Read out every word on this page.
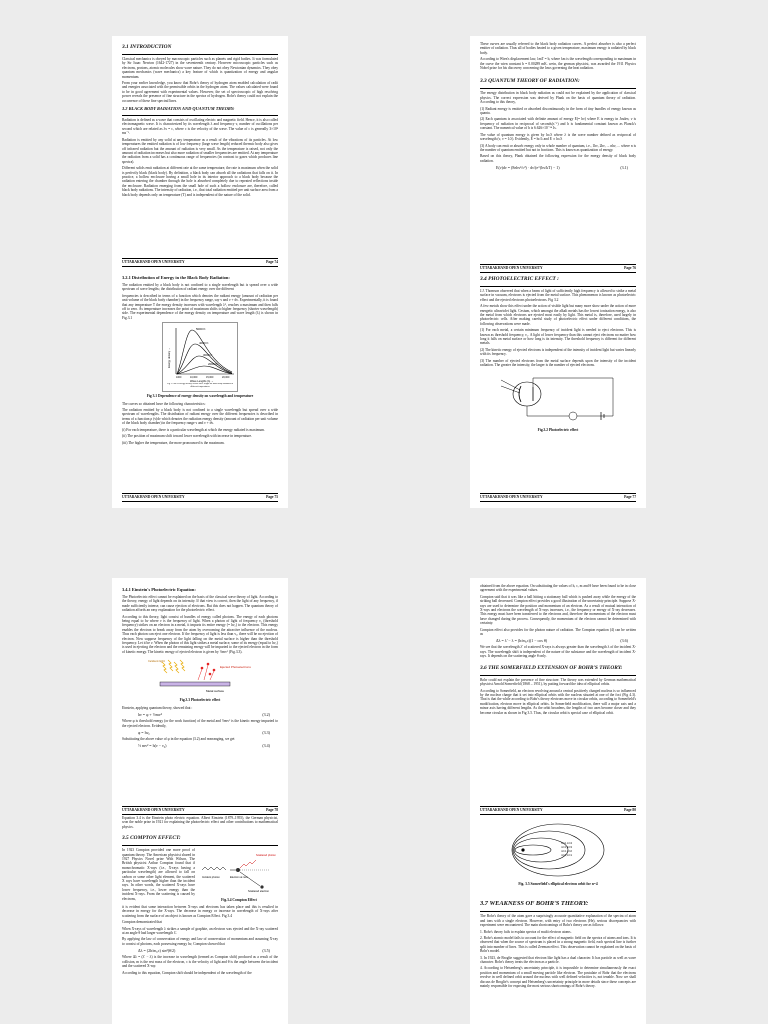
3.1 INTRODUCTION

Classical mechanics is obeyed by macroscopic particles such as planets and rigid bodies. It was formulated by Sir Isaac Newton (1642-1727) in the seventeenth century. However microscopic particles such as electrons, protons, atomic molecules show wave nature. They do not obey Newtonian dynamics. They obey quantum mechanics (wave mechanics) a key feature of which is quantization of energy and angular momentum.

From your earlier knowledge, you know that Bohr's theory of hydrogen atom enabled calculation of radii and energies associated with the permissible orbits in the hydrogen atom. The values calculated were found to be in good agreement with experimental values. However, the set of spectroscopic of high resolving power reveals the presence of fine structure in the spectra of hydrogen. Bohr's theory could not explain the occurrence of these fine spectral lines.

3.2 BLACK BODY RADIATION AND QUANTUM THEORY:

Radiation is defined as a wave that consists of oscillating electric and magnetic field. Hence, it is also called electromagnetic wave. It is characterized by its wavelength λ and frequency ν, number of oscillations per second which are related as λν = c, where c is the velocity of the wave. The value of c is generally 3×10⁸ ms⁻¹.

Radiation is emitted by any solid at any temperature as a result of the vibrations of its particles. At low temperatures the emitted radiation is of low frequency (large wave length) reduced thermic body also gives off infrared radiation but the amount of radiation is very small. As the temperature is raised, not only the amount of radiation increases but also more radiation of smaller frequencies are emitted. At any temperature the radiation from a solid has a continuous range of frequencies (in contrast to gases which produces line spectra).

Different solids emit radiation at different rate at the same temperature, the rate is maximum when the solid is perfectly black (black body). By definition, a black body can absorb all the radiations that falls on it. In practice, a hollow enclosure having a small hole in its interior approach to a black body because the radiation entering the chamber through the hole is absorbed completely due to repeated reflections inside the enclosure. Radiation emerging from the small hole of such a hollow enclosure are, therefore, called black body radiations. The intensity of radiation, i.e., that total radiation emitted per unit surface area from a black body depends only on temperature (T) and is independent of the nature of the solid.

UTTARAKHAND OPEN UNIVERSITY	Page 74
3.2.1 Distribution of Energy in the Black Body Radiation:

The radiation emitted by a black body is not confined to a single wavelength but is spread over a wide spectrum of wave lengths; the distribution of radiant energy over the different

frequencies is described in terms of a function which denotes the radiant energy (amount of radiation per unit volume of the black body chamber) in the frequency range, say ν and ν + dν. Experimentally, it is found that any temperature T the energy density increases with wavelength λ⁵, reaches a maximum and then falls off to zero. As temperature increases the point of maximum shifts to higher frequency (shorter wavelength) side. The experimental dependence of the energy density on temperature and wave length (λ) is shown in Fig.3.1

5000 K
4000 K
3000 K
2000 K
Energy density →
1000	10,000	15,000	20,000
Wave Lengths (λ) →
Fig 1. Plot of energy density versus wave length for black body radiation at different temperatures
Fig 3.1 Dependence of energy density on wavelength and temperature

The curves so obtained have the following characteristics:

The radiation emitted by a black body is not confined to a single wavelength but spread over a wide spectrum of wavelengths. The distribution of radiant energy over the different frequencies is described in terms of a function ρ (ν)dν which denotes the radiation energy density (amount of radiation per unit volume of the black body chamber) in the frequency range ν and ν + dν.

(i) For each temperature, there is a particular wavelength at which the energy radiated is maximum.

(ii) The position of maximum shift toward lower wavelength with increase in temperature.

(iii) The higher the temperature, the more pronounced is the maximum.

UTTARAKHAND OPEN UNIVERSITY	Page 75

These curves are usually referred to the black body radiation curves. A perfect absorber is also a perfect emitter of radiation. Thus all of bodies heated to a given temperature, maximum energy is radiated by black body.

According to Wien's displacement law, λmT = b, where λm is the wavelength corresponding to maximum in the curve the wien constant b = 0.00289 mK. wein, the german physicist, was awarded the 1911 Physics Nobel prize for his discovery concerning the laws governing the heat radiation.

3.3 QUANTUM THEORY OF RADIATION:

The energy distribution in black body radiation as could not be explained by the application of classical physics. The correct expression was derived by Plank on the basis of quantum theory of radiation. According to this theory,

(1) Radiant energy is emitted or absorbed discontinuously in the form of tiny bundles of energy known as quanta.

(2) Each quantum is associated with definite amount of energy E(= hν) where E is energy in Joules; ν is frequency of radiation in reciprocal of seconds(s⁻¹) and h is fundamental constant known as Planck's constant. The numerical value of h is 6.626×10⁻³⁴ Js.

The value of quantum energy is given by hc/λ where λ is the wave number defined as reciprocal of wavelength (ν, ν = 1/λ). Evidently, E = hc/λ and E ∝ hc/λ

(3) A body can emit or absorb energy only in whole number of quantum, i.e., 1hν, 2hν, ... nhν, ... where n is the number of quantum emitted but not in fractions. This is known as quantization of energy.

Based on this theory, Plank obtained the following expression for the energy density of black body radiation.

E(ν)dν = (8πhν³/c³) · dν/(e^(hν/kT) − 1)	(3.1)
UTTARAKHAND OPEN UNIVERSITY	Page 76
3.4 PHOTOELECTRIC EFFECT :

J.J. Thomson observed that when a beam of light of sufficiently high frequency is allowed to strike a metal surface in vacuum, electrons is ejected from the metal surface. This phenomenon is known as photoelectric effect and the ejected electrons photoelectrons. Fig 3.2

A few metals show this effect under the action of visible light but many more show under the action of more energetic ultraviolet light. Cesium, which amongst the alkali metals has the lowest ionization energy, is also the metal from which electrons are ejected most easily by light. This metal is, therefore, used largely in photoelectric cells. After making careful study of photoelectric effect under different conditions, the following observations were made.

(1) For each metal, a certain minimum frequency of incident light is needed to eject electrons. This is known as threshold frequency, ν₀. A light of lower frequency than this cannot eject electrons no matter how long it falls on metal surface or how long is its intensity. The threshold frequency is different for different metals.

(2) The kinetic energy of ejected electrons is independent of the intensity of incident light but varies linearly with its frequency.

(3) The number of ejected electrons from the metal surface depends upon the intensity of the incident radiation. The greater the intensity, the larger is the number of ejected electrons.

Fig.3.2 Photoelectric effect
UTTARAKHAND OPEN UNIVERSITY	Page 77
3.4.1 Einstein's Photoelectric Equation:

The Photoelectric effect cannot be explained on the basis of the classical wave theory of light. According to the theory, energy of light depends on its intensity. If that view is correct, then the light of any frequency, if made sufficiently intense, can cause ejection of electrons. But this does not happen. The quantum theory of radiation affords an easy explanation for the photoelectric effect.

According to this theory, light consist of bundles of energy called photons. The energy of each photons being equal to hν where ν is the frequency of light. When a photon of light of frequency ν₀ (threshold frequency) strikes on an electron in a metal, it imparts its entire energy (= hν₀) to the electron. This energy enables the electron to break away from the atom by overcoming the attractive influence of the nucleus. Thus each photon can eject one electron. If the frequency of light is less than ν₀, there will be no ejection of electron. Now suppose frequency of the light falling on the metal surface is higher than the threshold frequency. Let it be ν. When the photon of this light strikes a metal surface, some of its energy (equal to hν₀) is used in ejecting the electron and the remaining energy will be imparted to the ejected electron in the form of kinetic energy. The kinetic energy of ejected electron is given by ½mv² (Fig.3.3).

Incident light
Ejected Photoelectrons
Metal surface
Fig.3.3 Photoelectric effect

Einstein, applying quantum theory, showed that :

hν = φ + ½mv²	(3.2)

Where φ is threshold energy (or the work function) of the metal and ½mv² is the kinetic energy imparted to the ejected electron. Evidently,

φ = hν₀	(3.3)

Substituting the above value of φ in the equation (3.2) and rearranging, we get

½ mv² = h(ν − ν₀)	(3.4)
UTTARAKHAND OPEN UNIVERSITY	Page 78

Equation 3.4 is the Einstein photo electric equation. Albert Einstein (1879–1955), the German physicist, won the noble prize in 1921 for explaining the photoelectric effect and other contributions to mathematical physics.

3.5 COMPTON EFFECT:

In 1923 Compton provided one more proof of quantum theory. The American physicist shared in 1927 Physics Novel prize With Wilson, The British physicist Arthur Compton found that if monochromatic X-rays (i.e., X-rays having a particular wavelength) are allowed to fall on carbon or some other light element, the scattered X rays have wavelength higher than the incident rays. In other words, the scattered X-rays have lower frequency, i.e., lower energy than the incident X-rays. From the scattering is caused by electrons,

Incident photon
Scattered photon
Electron at rest
Scattered electron
Fig.3.4 Compton Effect

it is evident that some interaction between X-rays and electrons has taken place and this is resulted in decrease in energy for the X-rays. The decrease in energy or increase in wavelength of X-rays after scattering from the surface of an object is known as Compton Effect. Fig 3.4

Compton demonstrated that

When X-rays of wavelength λ strikes a sample of graphite, an electron was ejected and the X-ray scattered at an angle θ had larger wavelength λ'.

By applying the law of conservation of energy and law of conservation of momentum and assuming X-ray to consist of photons, each possessing energy hν, Compton showed that

Δλ = (2h/m₀c) sin²(θ/2)	(3.5)

Where Δλ = (λ' − λ) is the increase in wavelength (termed as Compton shift) produced as a result of the collision, m is the rest mass of the electron, c is the velocity of light and θ is the angle between the incident and the scattered X-ray.

According to this equation, Compton shift should be independent of the wavelength of the

obtained from the above equation. On substituting the values of h, c, m and θ have been found to be in close agreement with the experimental values.

Compton said that it was like a ball hitting a stationary ball which is pushed away while the energy of the striking ball decreased. Compton effect provides a good illustration of the uncertainty principle. Suppose X-rays are used to determine the position and momentum of an electron. As a result of mutual interaction of X-rays and electrons the wavelength of X-rays increases, i.e., the frequency or energy of X-ray decreases. This energy must have been transferred to the electrons and, therefore the momentum of the electron must have changed during the process. Consequently, the momentum of the electron cannot be determined with certainty.

Compton effect also provides for the photon nature of radiation. The Compton equation (4) can be written as

Δλ = λ' − λ = (h/m₀c)(1 − cos θ)	(3.6)

We see that the wavelength λ' of scattered X-rays is always greater than the wavelength λ of the incident X-rays. The wavelength shift is independent of the nature of the substance and the wavelength of incident X-rays. It depends on the scattering angle θ only.

3.6 THE SOMERFIELD EXTENSION OF BOHR'S THEORY:

Bohr could not explain the presence of fine structure. The theory was extended by German mathematical physicist Arnold Somerfield (1868 – 1951), by putting forward the idea of elliptical orbits.

According to Somerfield, an electron revolving around a central positively charged nucleus is so influenced by the nuclear charge that it set into elliptical orbits with the nucleus situated at one of the foci (Fig 4.3). That is that the while according to Bohr's theory electrons move in circular orbits, according to Somerfield's modification, electron move in elliptical orbits. In Somerfield modification, there will a major axis and a minor axis having different lengths. As the orbit broadens, the lengths of two axes become closer and they become circular as shown in Fig 3.5. Thus, the circular orbit is special case of elliptical orbit.

UTTARAKHAND OPEN UNIVERSITY	Page 80
n=4, k=4
n=4, k=3
n=4, k=2
n=4, k=1
Fig. 3.5 Somerfield's elliptical electron orbit for n=4
3.7 WEAKNESS OF BOHR'S THEORY:

The Bohr's theory of the atom gave a surprisingly accurate quantitative explanation of the spectra of atom and ions with a single electron. However, with entry of two electrons (He), serious discrepancies with experiment were encountered. The main shortcomings of Bohr's theory are as follows:

1. Bohr's theory fails to explain spectra of multi electron atoms.

2. Bohr's atomic model fails to account for the effect of magnetic field on the spectra of atoms and ions. It is observed that when the source of spectrum is placed in a strong magnetic field, each spectral line is further split into number of lines. This is called Zeeman effect. This observation cannot be explained on the basis of Bohr's model.

3. In 1923, de Broglie suggested that electron like light has a dual character. It has particle as well as wave character. Bohr's theory treats the electron as a particle.

4. According to Heisenberg's uncertainty principle, it is impossible to determine simultaneously the exact position and momentum of a small moving particle like electron. The postulate of Bohr that the electrons revolve in well defined orbit around the nucleus with well defined velocities is, not tenable. Now we shall discuss de Broglie's concept and Heisenberg's uncertainty principle in more details since these concepts are mainly responsible for exposing the most serious shortcomings of Bohr's theory.
